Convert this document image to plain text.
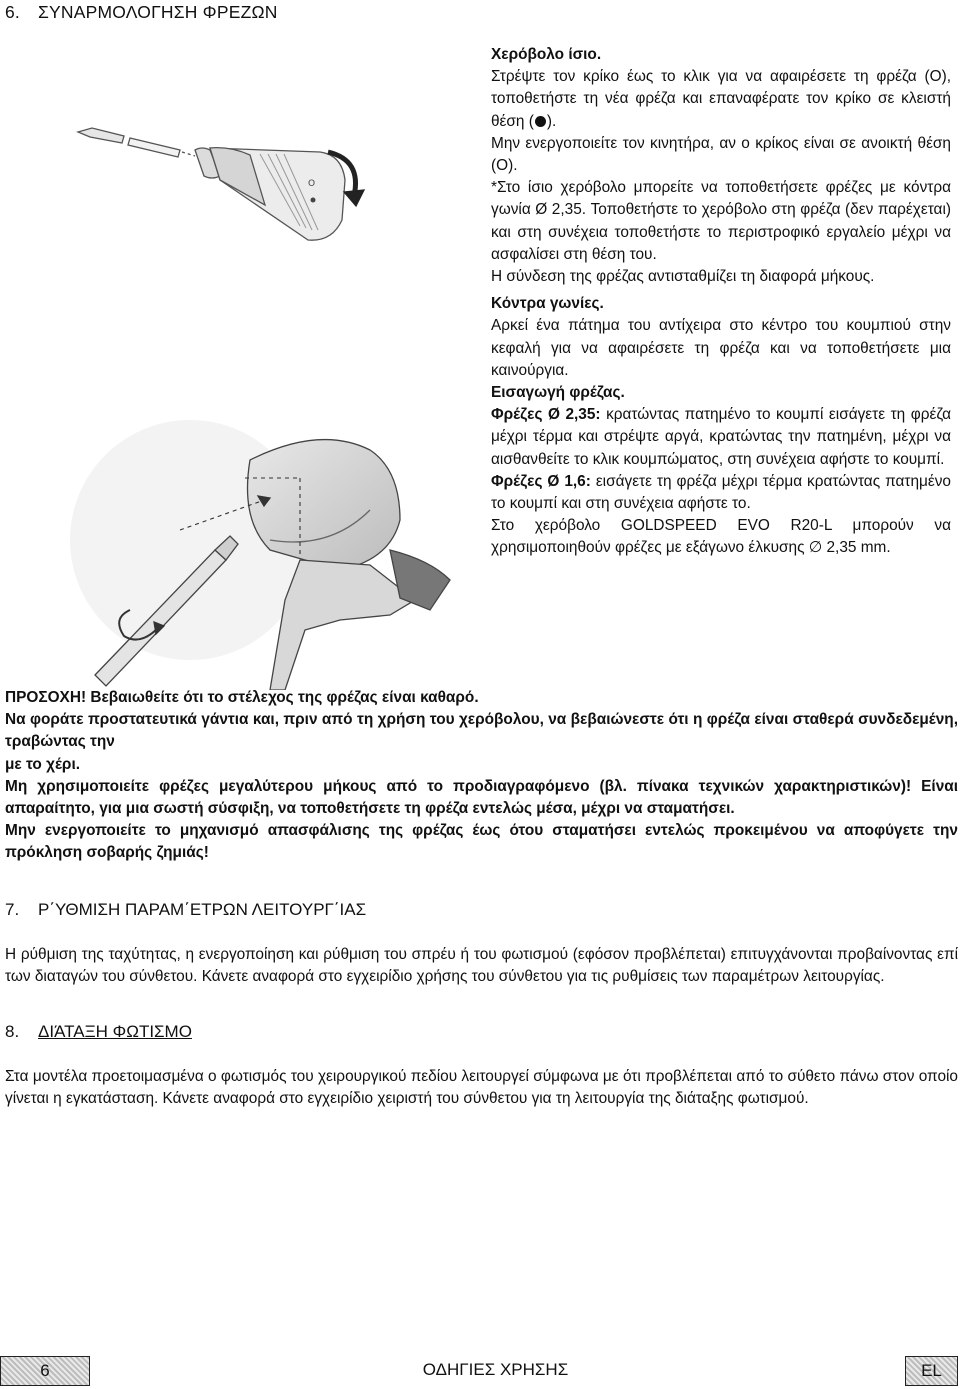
6. ΣΥΝΑΡΜΟΛΟΓΗΣΗ ΦΡΕΖΩΝ
O

Χερόβολο ίσιο.

Στρέψτε τον κρίκο έως το κλικ για να αφαιρέσετε τη φρέζα (O), τοποθετήστε τη νέα φρέζα και επαναφέρατε τον κρίκο σε κλειστή θέση ( ).

Μην ενεργοποιείτε τον κινητήρα, αν ο κρίκος είναι σε ανοικτή θέση (O).

*Στο ίσιο χερόβολο μπορείτε να τοποθετήσετε φρέζες με κόντρα γωνία Ø 2,35. Τοποθετήστε το χερόβολο στη φρέζα (δεν παρέχεται) και στη συνέχεια τοποθετήστε το περιστροφικό εργαλείο μέχρι να ασφαλίσει στη θέση του.

Η σύνδεση της φρέζας αντισταθμίζει τη διαφορά μήκους.

Κόντρα γωνίες.

Αρκεί ένα πάτημα του αντίχειρα στο κέντρο του κουμπιού στην κεφαλή για να αφαιρέσετε τη φρέζα και να τοποθετήσετε μια καινούργια.

Εισαγωγή φρέζας.

Φρέζες Ø 2,35: κρατώντας πατημένο το κουμπί εισάγετε τη φρέζα μέχρι τέρμα και στρέψτε αργά, κρατώντας την πατημένη, μέχρι να αισθανθείτε το κλικ κουμπώματος, στη συνέχεια αφήστε το κουμπί.

Φρέζες Ø 1,6: εισάγετε τη φρέζα μέχρι τέρμα κρατώντας πατημένο το κουμπί και στη συνέχεια αφήστε το.

Στο χερόβολο GOLDSPEED EVO R20-L μπορούν να χρησιμοποιηθούν φρέζες με εξάγωνο έλκυσης ∅ 2,35 mm.

ΠΡΟΣΟΧΗ! Βεβαιωθείτε ότι το στέλεχος της φρέζας είναι καθαρό.

Να φοράτε προστατευτικά γάντια και, πριν από τη χρήση του χερόβολου, να βεβαιώνεστε ότι η φρέζα είναι σταθερά συνδεδεμένη, τραβώντας την

με το χέρι.

Μη χρησιμοποιείτε φρέζες μεγαλύτερου μήκους από το προδιαγραφόμενο (βλ. πίνακα τεχνικών χαρακτηριστικών)! Είναι απαραίτητο, για μια σωστή σύσφιξη, να τοποθετήσετε τη φρέζα εντελώς μέσα, μέχρι να σταματήσει.

Μην ενεργοποιείτε το μηχανισμό απασφάλισης της φρέζας έως ότου σταματήσει εντελώς προκειμένου να αποφύγετε την πρόκληση σοβαρής ζημιάς!

7. Ρ΄ΥΘΜΙΣΗ ΠΑΡΑΜ΄ΕΤΡΩΝ ΛΕΙΤΟΥΡΓ΄ΙΑΣ

Η ρύθμιση της ταχύτητας, η ενεργοποίηση και ρύθμιση του σπρέυ ή του φωτισμού (εφόσον προβλέπεται) επιτυγχάνονται προβαίνοντας επί των διαταγών του σύνθετου. Κάνετε αναφορά στο εγχειρίδιο χρήσης του σύνθετου για τις ρυθμίσεις των παραμέτρων λειτουργίας.

8. ΔΙΆΤΑΞΗ ΦΩΤΙΣΜΟ

Στα μοντέλα προετοιμασμένα ο φωτισμός του χειρουργικού πεδίου λειτουργεί σύμφωνα με ότι προβλέπεται από το σύθετο πάνω στον οποίο γίνεται η εγκατάσταση. Κάνετε αναφορά στο εγχειρίδιο χειριστή του σύνθετου για τη λειτουργία της διάταξης φωτισμού.

6	ΟΔΗΓΙΕΣ ΧΡΗΣΗΣ	EL
